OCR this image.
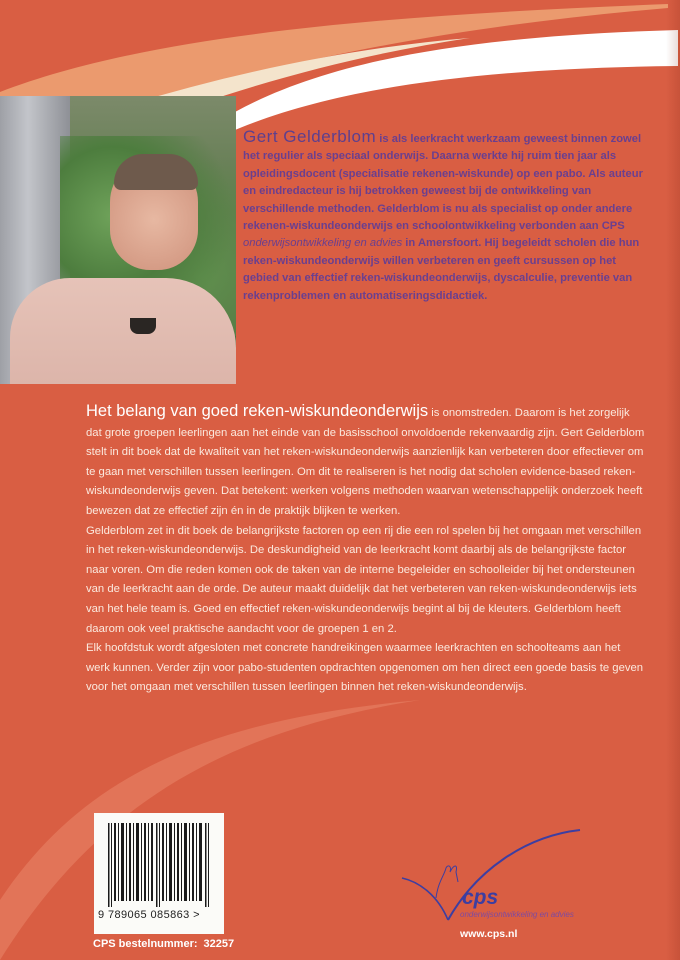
Gert Gelderblom is als leerkracht werkzaam geweest binnen zowel het regulier als speciaal onderwijs. Daarna werkte hij ruim tien jaar als opleidingsdocent (specialisatie rekenen-wiskunde) op een pabo. Als auteur en eindredacteur is hij betrokken geweest bij de ontwikkeling van verschillende methoden. Gelderblom is nu als specialist op onder andere rekenen-wiskundeonderwijs en schoolontwikkeling verbonden aan CPS onderwijsontwikkeling en advies in Amersfoort. Hij begeleidt scholen die hun reken-wiskundeonderwijs willen verbeteren en geeft cursussen op het gebied van effectief reken-wiskundeonderwijs, dyscalculie, preventie van rekenproblemen en automatiseringsdidactiek.

Het belang van goed reken-wiskundeonderwijs is onomstreden. Daarom is het zorgelijk dat grote groepen leerlingen aan het einde van de basisschool onvoldoende rekenvaardig zijn. Gert Gelderblom stelt in dit boek dat de kwaliteit van het reken-wiskundeonderwijs aanzienlijk kan verbeteren door effectiever om te gaan met verschillen tussen leerlingen. Om dit te realiseren is het nodig dat scholen evidence-based reken-wiskundeonderwijs geven. Dat betekent: werken volgens methoden waarvan wetenschappelijk onderzoek heeft bewezen dat ze effectief zijn én in de praktijk blijken te werken.

Gelderblom zet in dit boek de belangrijkste factoren op een rij die een rol spelen bij het omgaan met verschillen in het reken-wiskundeonderwijs. De deskundigheid van de leerkracht komt daarbij als de belangrijkste factor naar voren. Om die reden komen ook de taken van de interne begeleider en schoolleider bij het ondersteunen van de leerkracht aan de orde. De auteur maakt duidelijk dat het verbeteren van reken-wiskundeonderwijs iets van het hele team is. Goed en effectief reken-wiskundeonderwijs begint al bij de kleuters. Gelderblom heeft daarom ook veel praktische aandacht voor de groepen 1 en 2.

Elk hoofdstuk wordt afgesloten met concrete handreikingen waarmee leerkrachten en schoolteams aan het werk kunnen. Verder zijn voor pabo-studenten opdrachten opgenomen om hen direct een goede basis te geven voor het omgaan met verschillen tussen leerlingen binnen het reken-wiskundeonderwijs.

9 789065 085863 >
CPS bestelnummer: 32257
cps
onderwijsontwikkeling en advies
www.cps.nl
